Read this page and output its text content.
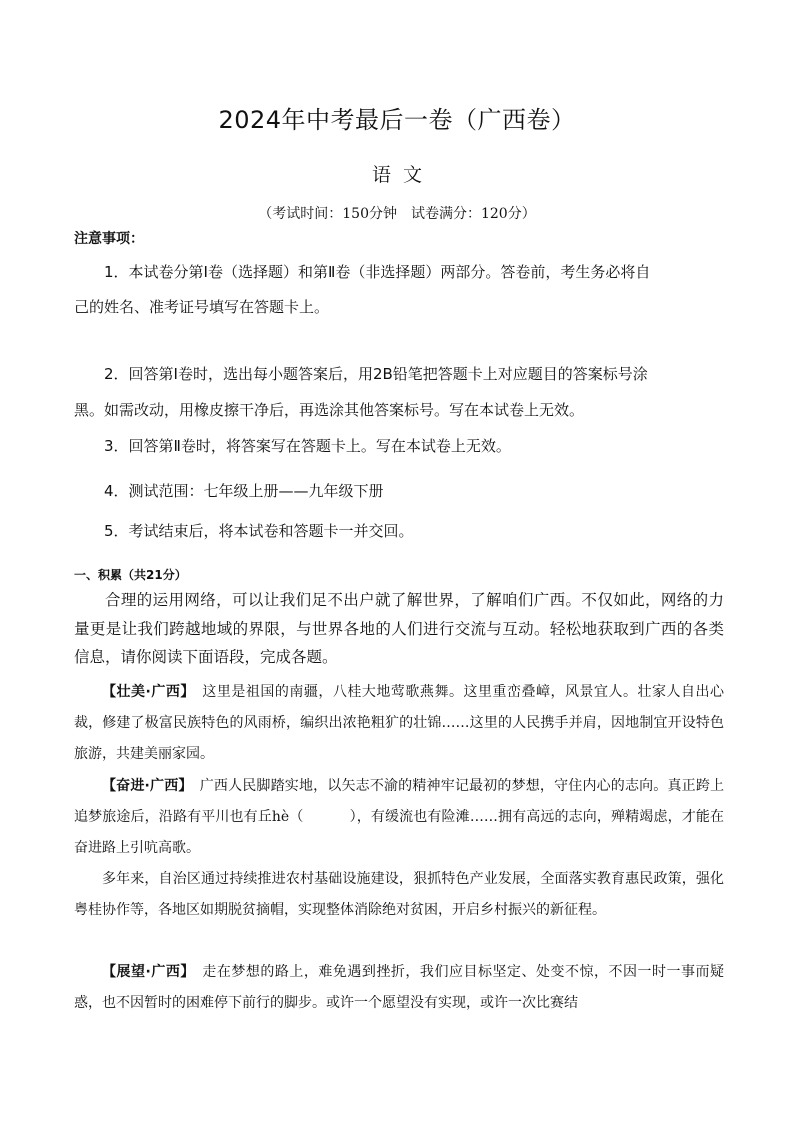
2024年中考最后一卷（广西卷）
语文
（考试时间：150分钟　试卷满分：120分）
注意事项：
1．本试卷分第Ⅰ卷（选择题）和第Ⅱ卷（非选择题）两部分。答卷前，考生务必将自
己的姓名、准考证号填写在答题卡上。
2．回答第Ⅰ卷时，选出每小题答案后，用2B铅笔把答题卡上对应题目的答案标号涂
黑。如需改动，用橡皮擦干净后，再选涂其他答案标号。写在本试卷上无效。
3．回答第Ⅱ卷时，将答案写在答题卡上。写在本试卷上无效。
4．测试范围：七年级上册——九年级下册
5．考试结束后，将本试卷和答题卡一并交回。
一、积累（共21分）
合理的运用网络，可以让我们足不出户就了解世界，了解咱们广西。不仅如此，网络的力量更是让我们跨越地域的界限，与世界各地的人们进行交流与互动。轻松地获取到广西的各类信息，请你阅读下面语段，完成各题。
【壮美·广西】　 这里是祖国的南疆，八桂大地莺歌燕舞。这里重峦叠嶂，风景宜人。壮家人自出心裁，修建了极富民族特色的风雨桥，编织出浓艳粗犷的壮锦……这里的人民携手并肩，因地制宜开设特色旅游，共建美丽家园。
【奋进·广西】　 广西人民脚踏实地，以矢志不渝的精神牢记最初的梦想，守住内心的志向。真正跨上追梦旅途后，沿路有平川也有丘hè（	），有缓流也有险滩……拥有高远的志向，殚精竭虑，才能在奋进路上引吭高歌。
多年来，自治区通过持续推进农村基础设施建设，狠抓特色产业发展，全面落实教育惠民政策，强化粤桂协作等，各地区如期脱贫摘帽，实现整体消除绝对贫困，开启乡村振兴的新征程。
【展望·广西】　 走在梦想的路上，难免遇到挫折，我们应目标坚定、处变不惊，不因一时一事而疑惑，也不因暂时的困难停下前行的脚步。或许一个愿望没有实现，或许一次比赛结
